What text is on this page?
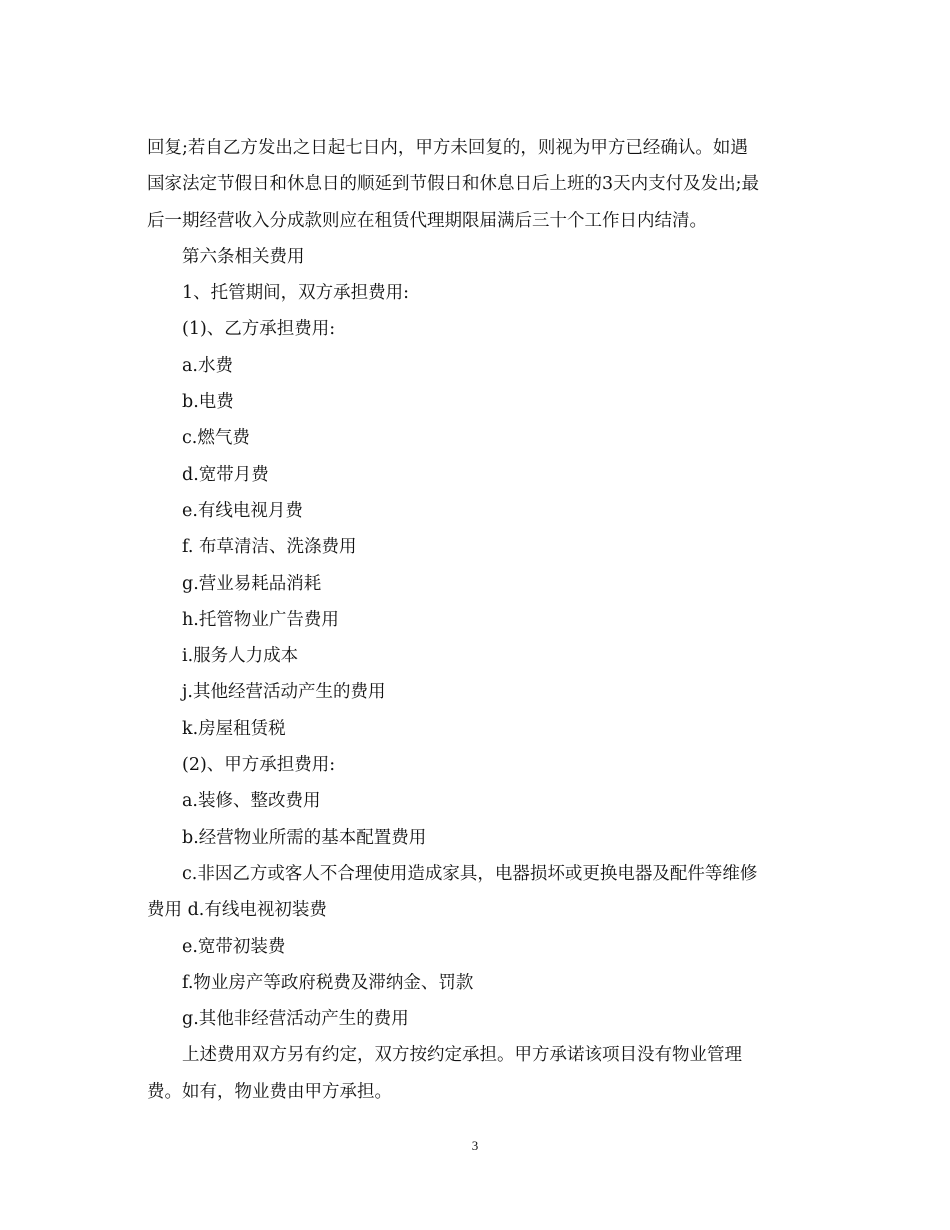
回复;若自乙方发出之日起七日内，甲方未回复的，则视为甲方已经确认。如遇
国家法定节假日和休息日的顺延到节假日和休息日后上班的3天内支付及发出;最
后一期经营收入分成款则应在租赁代理期限届满后三十个工作日内结清。
第六条相关费用
1、托管期间，双方承担费用:
(1)、乙方承担费用:
a.水费
b.电费
c.燃气费
d.宽带月费
e.有线电视月费
f. 布草清洁、洗涤费用
g.营业易耗品消耗
h.托管物业广告费用
i.服务人力成本
j.其他经营活动产生的费用
k.房屋租赁税
(2)、甲方承担费用:
a.装修、整改费用
b.经营物业所需的基本配置费用
c.非因乙方或客人不合理使用造成家具，电器损坏或更换电器及配件等维修
费用 d.有线电视初装费
e.宽带初装费
f.物业房产等政府税费及滞纳金、罚款
g.其他非经营活动产生的费用
上述费用双方另有约定，双方按约定承担。甲方承诺该项目没有物业管理
费。如有，物业费由甲方承担。
3
